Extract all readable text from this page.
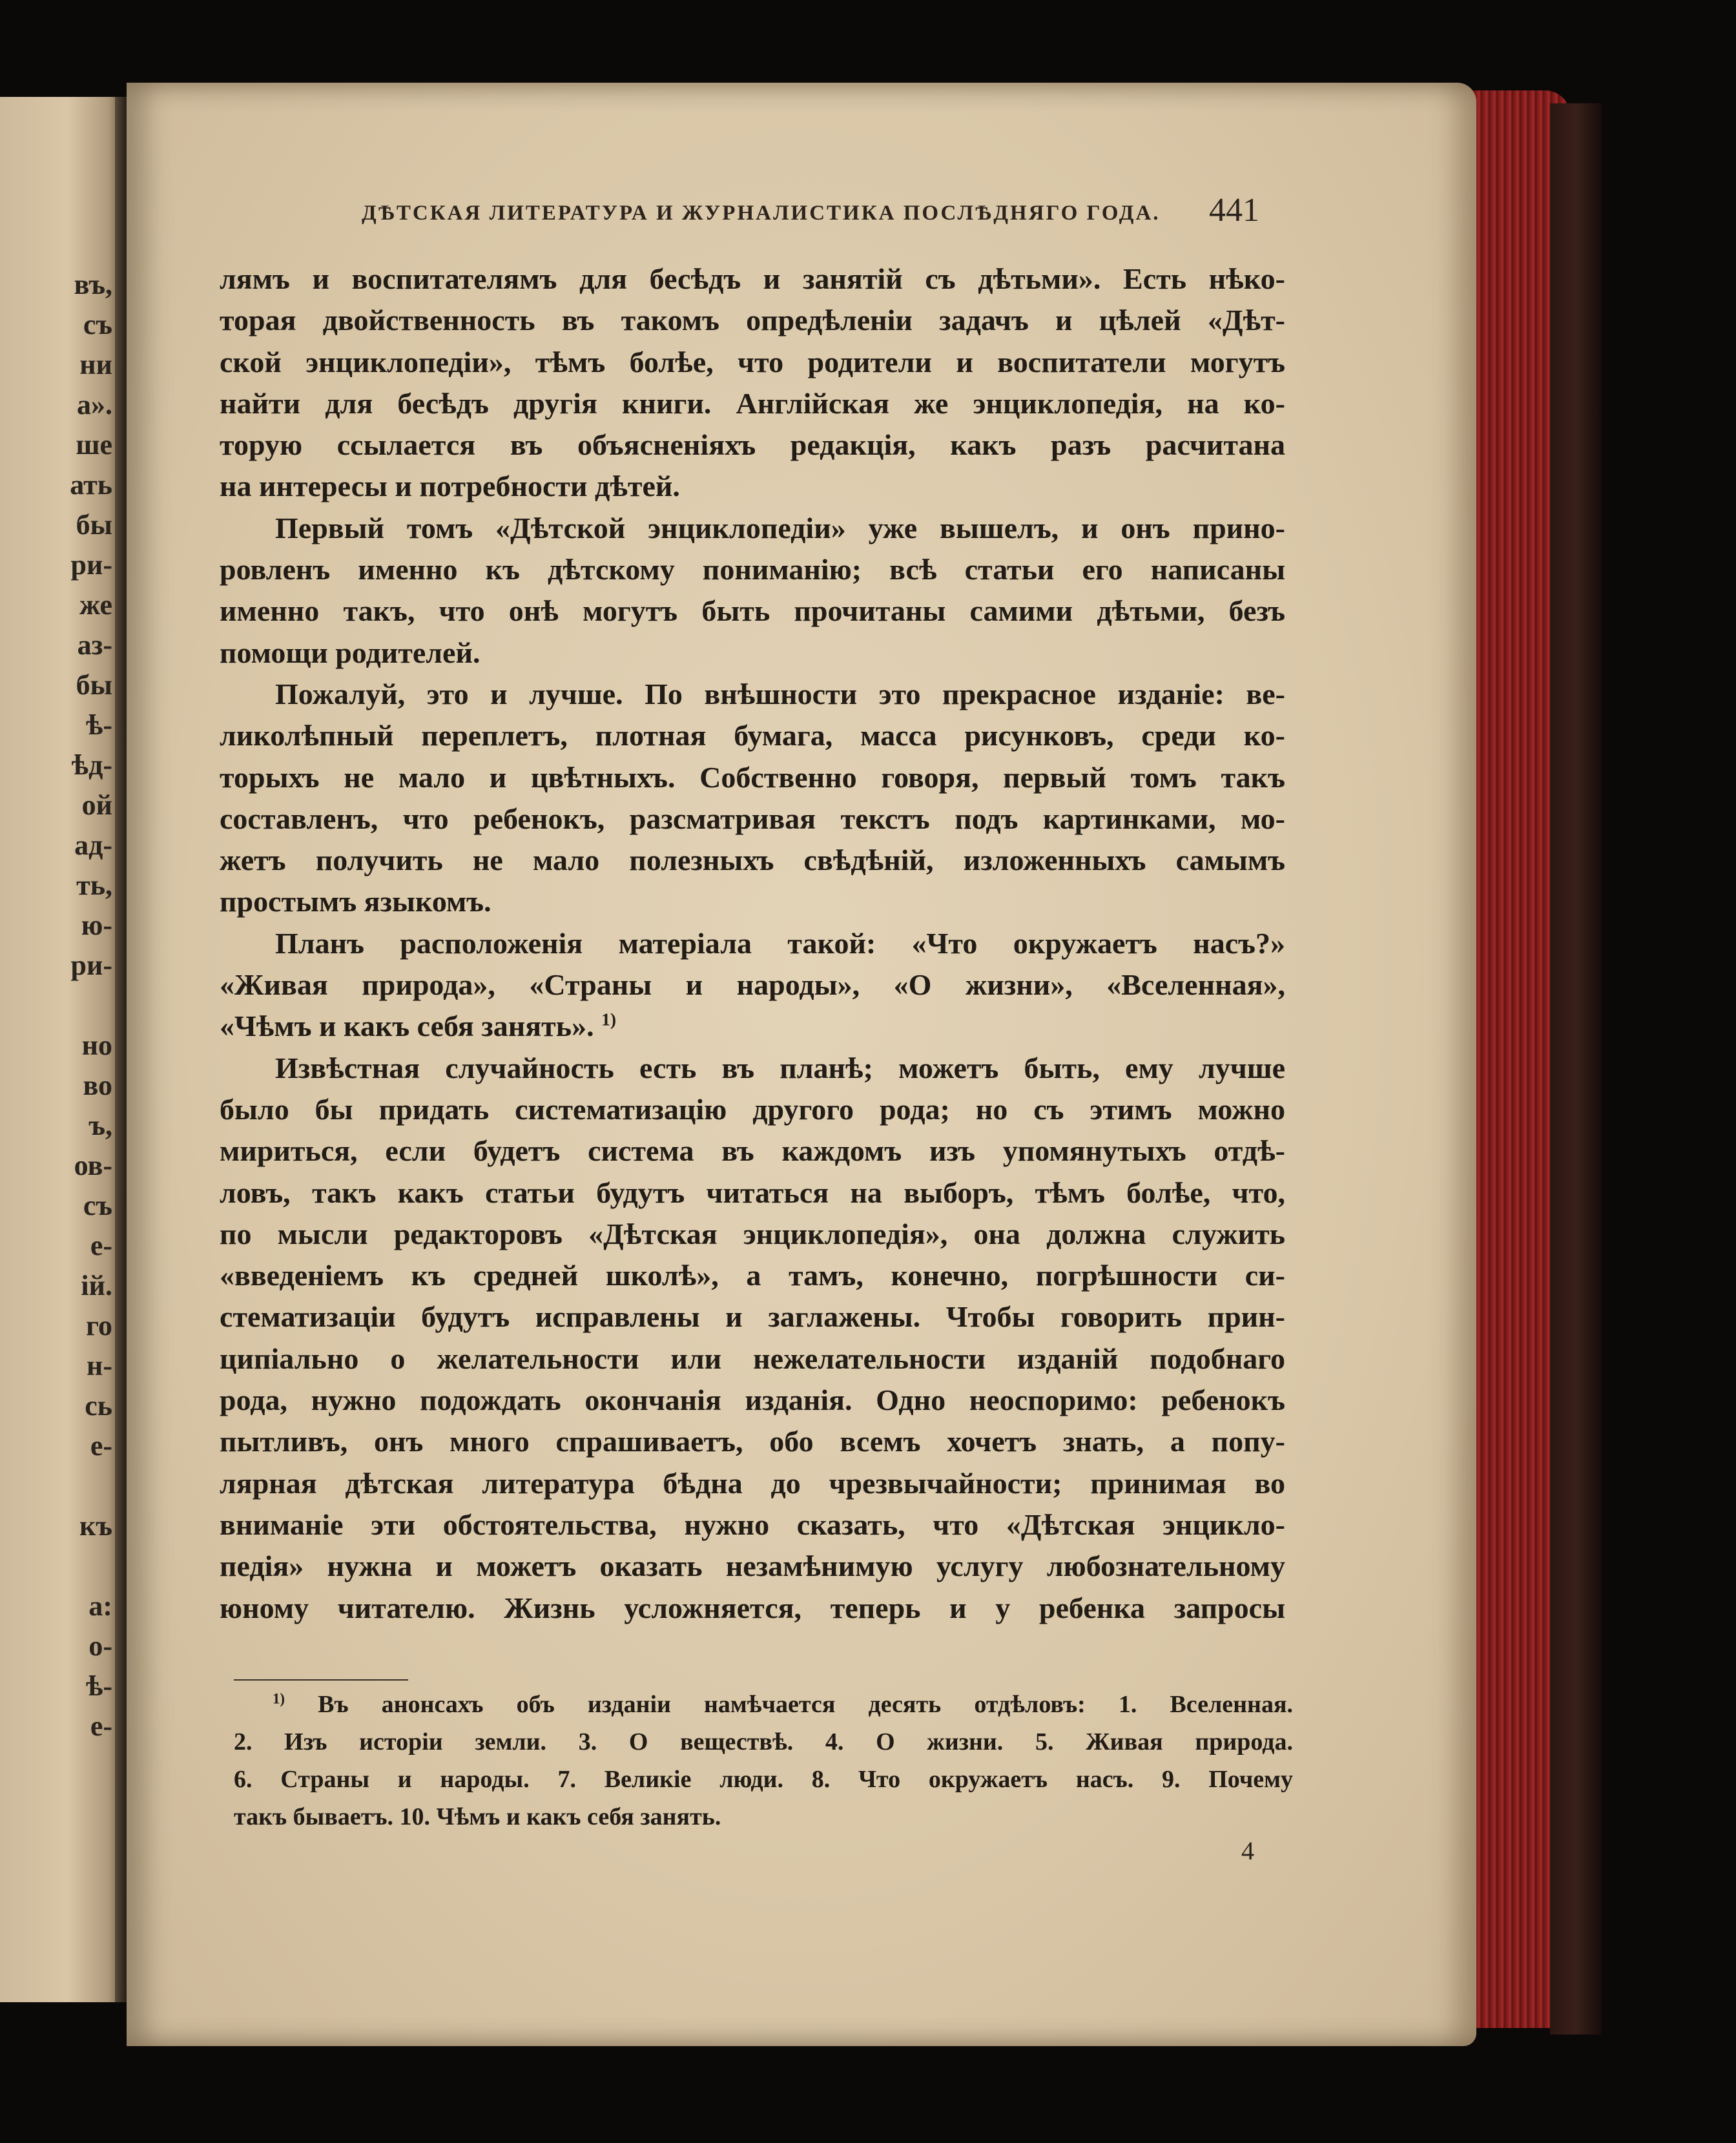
въ,
съ
ни
а».
ше
ать
бы
ри-
же
аз-
бы
ѣ-
ѣд-
ой
ад-
ть,
ю-
ри-
но
во
ъ,
ов-
съ
е-
ій.
го
н-
сь
е-
къ
а:
о-
ѣ-
е-
ДѢТСКАЯ ЛИТЕРАТУРА И ЖУРНАЛИСТИКА ПОСЛѢДНЯГО ГОДА. 441
лямъ и воспитателямъ для бесѣдъ и занятій съ дѣтьми». Есть нѣко-
торая двойственность въ такомъ опредѣленіи задачъ и цѣлей «Дѣт-
ской энциклопедіи», тѣмъ болѣе, что родители и воспитатели могутъ
найти для бесѣдъ другія книги. Англійская же энциклопедія, на ко-
торую ссылается въ объясненіяхъ редакція, какъ разъ расчитана
на интересы и потребности дѣтей.
Первый томъ «Дѣтской энциклопедіи» уже вышелъ, и онъ прино-
ровленъ именно къ дѣтскому пониманію; всѣ статьи его написаны
именно такъ, что онѣ могутъ быть прочитаны самими дѣтьми, безъ
помощи родителей.
Пожалуй, это и лучше. По внѣшности это прекрасное изданіе: ве-
ликолѣпный переплетъ, плотная бумага, масса рисунковъ, среди ко-
торыхъ не мало и цвѣтныхъ. Собственно говоря, первый томъ такъ
составленъ, что ребенокъ, разсматривая текстъ подъ картинками, мо-
жетъ получить не мало полезныхъ свѣдѣній, изложенныхъ самымъ
простымъ языкомъ.
Планъ расположенія матеріала такой: «Что окружаетъ насъ?»
«Живая природа», «Страны и народы», «О жизни», «Вселенная»,
«Чѣмъ и какъ себя занять». $^{1)}$
Извѣстная случайность есть въ планѣ; можетъ быть, ему лучше
было бы придать систематизацію другого рода; но съ этимъ можно
мириться, если будетъ система въ каждомъ изъ упомянутыхъ отдѣ-
ловъ, такъ какъ статьи будутъ читаться на выборъ, тѣмъ болѣе, что,
по мысли редакторовъ «Дѣтская энциклопедія», она должна служить
«введеніемъ къ средней школѣ», а тамъ, конечно, погрѣшности си-
стематизаціи будутъ исправлены и заглажены. Чтобы говорить прин-
ципіально о желательности или нежелательности изданій подобнаго
рода, нужно подождать окончанія изданія. Одно неоспоримо: ребенокъ
пытливъ, онъ много спрашиваетъ, обо всемъ хочетъ знать, а попу-
лярная дѣтская литература бѣдна до чрезвычайности; принимая во
вниманіе эти обстоятельства, нужно сказать, что «Дѣтская энцикло-
педія» нужна и можетъ оказать незамѣнимую услугу любознательному
юному читателю. Жизнь усложняется, теперь и у ребенка запросы
$^{1)}$ Въ анонсахъ объ изданіи намѣчается десять отдѣловъ: 1. Вселенная.
2. Изъ исторіи земли. 3. О веществѣ. 4. О жизни. 5. Живая природа.
6. Страны и народы. 7. Великіе люди. 8. Что окружаетъ насъ. 9. Почему
такъ бываетъ. 10. Чѣмъ и какъ себя занять.
4
